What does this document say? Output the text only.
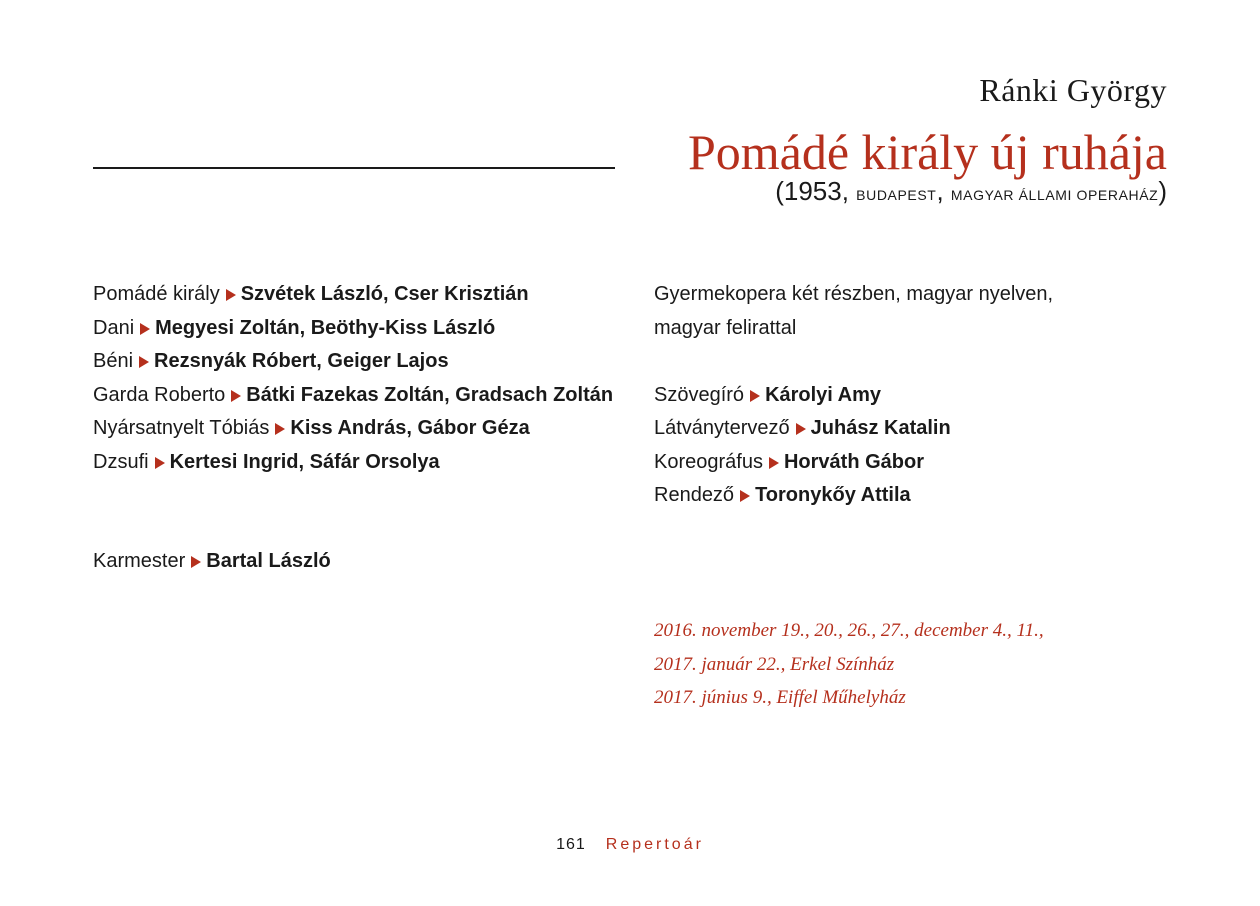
Ránki György
Pomádé király új ruhája
(1953, BUDAPEST, MAGYAR ÁLLAMI OPERAHÁZ)
Pomádé király Szvétek László, Cser Krisztián
Dani Megyesi Zoltán, Beöthy-Kiss László
Béni Rezsnyák Róbert, Geiger Lajos
Garda Roberto Bátki Fazekas Zoltán, Gradsach Zoltán
Nyársatnyelt Tóbiás Kiss András, Gábor Géza
Dzsufi Kertesi Ingrid, Sáfár Orsolya
Karmester Bartal László
Gyermekopera két részben, magyar nyelven,
magyar felirattal
Szövegíró Károlyi Amy
Látványtervező Juhász Katalin
Koreográfus Horváth Gábor
Rendező Toronykőy Attila
2016. november 19., 20., 26., 27., december 4., 11.,
2017. január 22., Erkel Színház
2017. június 9., Eiffel Műhelyház
161 Repertoár
